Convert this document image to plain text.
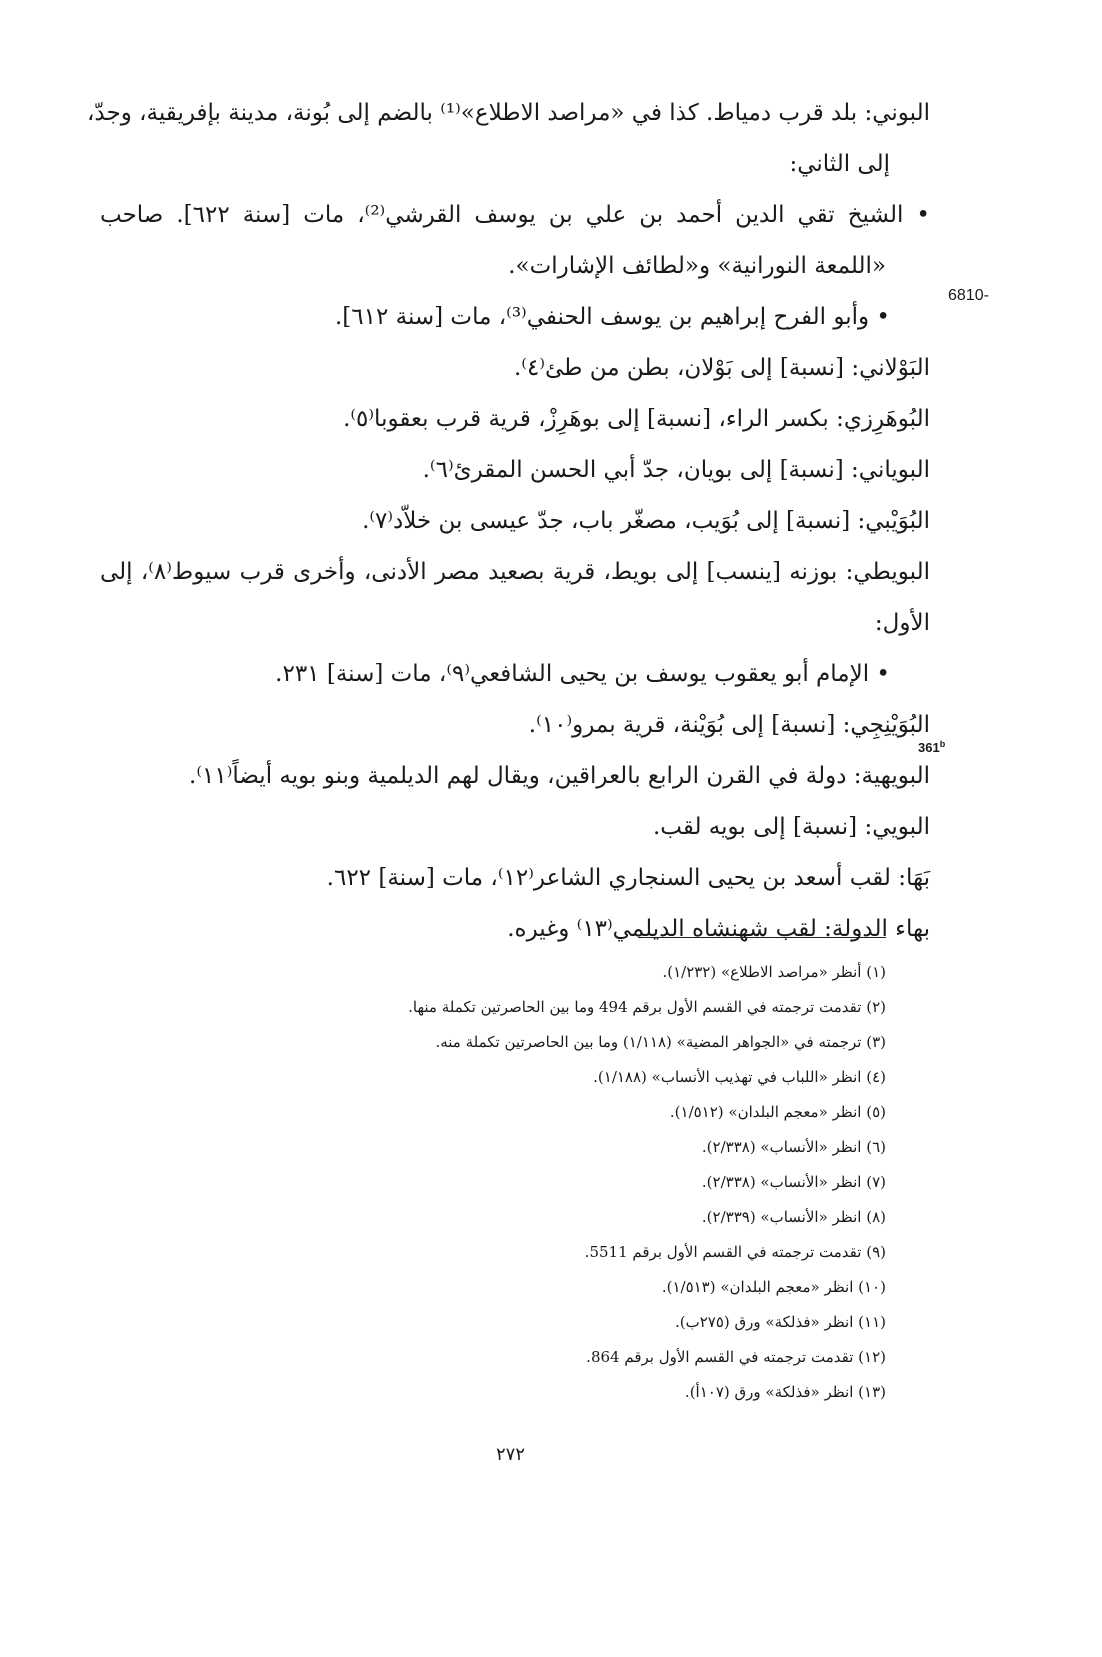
البوني: بلد قرب دمياط. كذا في «مراصد الاطلاع»⁽¹⁾ بالضم إلى بُونة، مدينة بإفريقية، وجدّ،
إلى الثاني:
• الشيخ تقي الدين أحمد بن علي بن يوسف القرشي⁽²⁾، مات [سنة ٦٢٢]. صاحب
«اللمعة النورانية» و«لطائف الإشارات».
• وأبو الفرح إبراهيم بن يوسف الحنفي⁽³⁾، مات [سنة ٦١٢].
البَوْلاني: [نسبة] إلى بَوْلان، بطن من طئ⁽٤⁾.
البُوهَرِزي: بكسر الراء، [نسبة] إلى بوهَرِزْ، قرية قرب بعقوبا⁽٥⁾.
البوياني: [نسبة] إلى بويان، جدّ أبي الحسن المقرئ⁽٦⁾.
البُوَيْبي: [نسبة] إلى بُوَيب، مصغّر باب، جدّ عيسى بن خلاّد⁽٧⁾.
البويطي: بوزنه [ينسب] إلى بويط، قرية بصعيد مصر الأدنى، وأخرى قرب سيوط⁽٨⁾، إلى الأول:
• الإمام أبو يعقوب يوسف بن يحيى الشافعي⁽٩⁾، مات [سنة] ٢٣١.
البُوَيْنِجِي: [نسبة] إلى بُوَيْنة، قرية بمرو⁽١٠⁾.
البويهية: دولة في القرن الرابع بالعراقين، ويقال لهم الديلمية وبنو بويه أيضاً⁽١١⁾.
البويي: [نسبة] إلى بويه لقب.
بَهَا: لقب أسعد بن يحيى السنجاري الشاعر⁽١٢⁾، مات [سنة] ٦٢٢.
بهاء الدولة: لقب شهنشاه الديلمي⁽١٣⁾ وغيره.
6810-
361$^b$
(١) أنظر «مراصد الاطلاع» (١/٢٣٢).
(٢) تقدمت ترجمته في القسم الأول برقم 494 وما بين الحاصرتين تكملة منها.
(٣) ترجمته في «الجواهر المضية» (١/١١٨) وما بين الحاصرتين تكملة منه.
(٤) انظر «اللباب في تهذيب الأنساب» (١/١٨٨).
(٥) انظر «معجم البلدان» (١/٥١٢).
(٦) انظر «الأنساب» (٢/٣٣٨).
(٧) انظر «الأنساب» (٢/٣٣٨).
(٨) انظر «الأنساب» (٢/٣٣٩).
(٩) تقدمت ترجمته في القسم الأول برقم 5511.
(١٠) انظر «معجم البلدان» (١/٥١٣).
(١١) انظر «فذلكة» ورق (٢٧٥ب).
(١٢) تقدمت ترجمته في القسم الأول برقم 864.
(١٣) انظر «فذلكة» ورق (١٠٧أ).
٢٧٢
